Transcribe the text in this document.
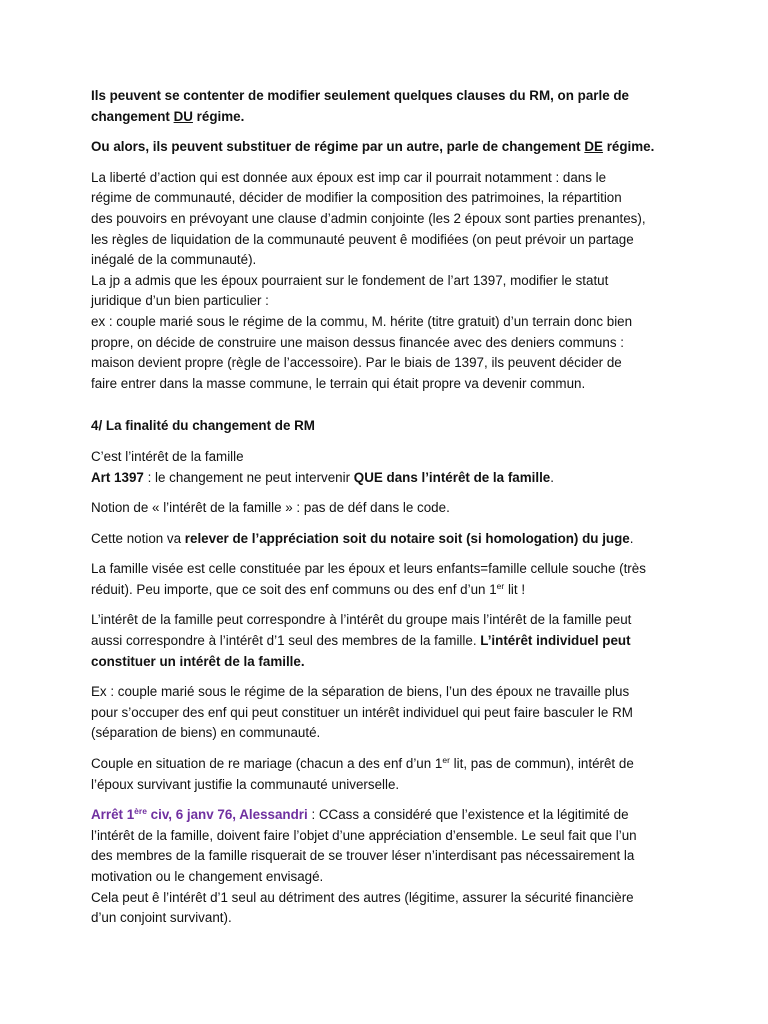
Ils peuvent se contenter de modifier seulement quelques clauses du RM, on parle de changement DU régime.

Ou alors, ils peuvent substituer de régime par un autre, parle de changement DE régime.

La liberté d’action qui est donnée aux époux est imp car il pourrait notamment : dans le
régime de communauté, décider de modifier la composition des patrimoines, la répartition
des pouvoirs en prévoyant une clause d’admin conjointe (les 2 époux sont parties prenantes),
les règles de liquidation de la communauté peuvent ê modifiées (on peut prévoir un partage
inégalé de la communauté).
La jp a admis que les époux pourraient sur le fondement de l’art 1397, modifier le statut
juridique d’un bien particulier :
ex : couple marié sous le régime de la commu, M. hérite (titre gratuit) d’un terrain donc bien
propre, on décide de construire une maison dessus financée avec des deniers communs :
maison devient propre (règle de l’accessoire). Par le biais de 1397, ils peuvent décider de
faire entrer dans la masse commune, le terrain qui était propre va devenir commun.

4/ La finalité du changement de RM

C’est l’intérêt de la famille
Art 1397 : le changement ne peut intervenir QUE dans l’intérêt de la famille.

Notion de « l’intérêt de la famille » : pas de déf dans le code.

Cette notion va relever de l’appréciation soit du notaire soit (si homologation) du juge.

La famille visée est celle constituée par les époux et leurs enfants=famille cellule souche (très
réduit). Peu importe, que ce soit des enf communs ou des enf d’un 1er lit !

L’intérêt de la famille peut correspondre à l’intérêt du groupe mais l’intérêt de la famille peut
aussi correspondre à l’intérêt d’1 seul des membres de la famille. L’intérêt individuel peut
constituer un intérêt de la famille.

Ex : couple marié sous le régime de la séparation de biens, l’un des époux ne travaille plus
pour s’occuper des enf qui peut constituer un intérêt individuel qui peut faire basculer le RM
(séparation de biens) en communauté.

Couple en situation de re mariage (chacun a des enf d’un 1er lit, pas de commun), intérêt de
l’époux survivant justifie la communauté universelle.

Arrêt 1ère civ, 6 janv 76, Alessandri : CCass a considéré que l’existence et la légitimité de
l’intérêt de la famille, doivent faire l’objet d’une appréciation d’ensemble. Le seul fait que l’un
des membres de la famille risquerait de se trouver léser n’interdisant pas nécessairement la
motivation ou le changement envisagé.
Cela peut ê l’intérêt d’1 seul au détriment des autres (légitime, assurer la sécurité financière
d’un conjoint survivant).
